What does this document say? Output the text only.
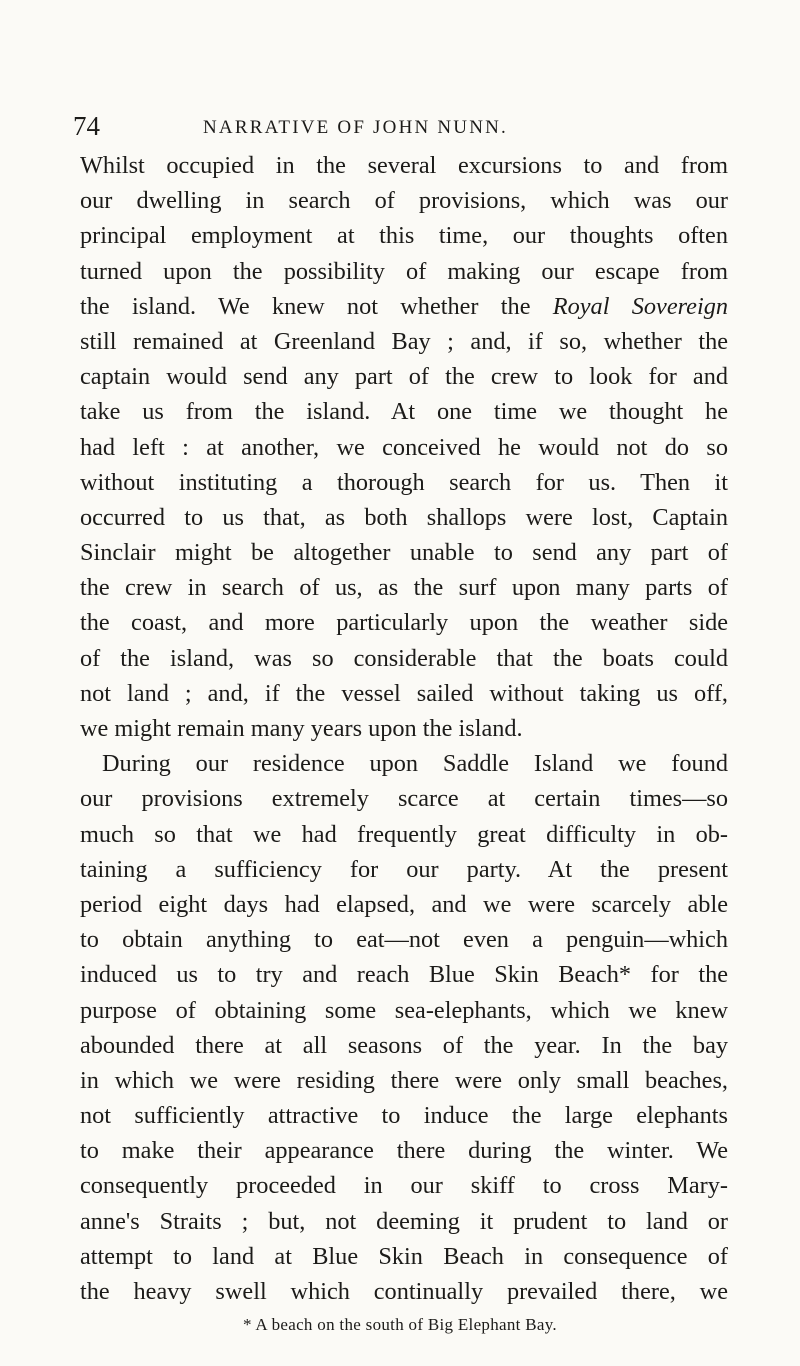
74	NARRATIVE OF JOHN NUNN.
Whilst occupied in the several excursions to and from
our dwelling in search of provisions, which was our
principal employment at this time, our thoughts often
turned upon the possibility of making our escape from
the island. We knew not whether the Royal Sovereign
still remained at Greenland Bay ; and, if so, whether the
captain would send any part of the crew to look for and
take us from the island. At one time we thought he
had left : at another, we conceived he would not do so
without instituting a thorough search for us. Then it
occurred to us that, as both shallops were lost, Captain
Sinclair might be altogether unable to send any part of
the crew in search of us, as the surf upon many parts of
the coast, and more particularly upon the weather side
of the island, was so considerable that the boats could
not land ; and, if the vessel sailed without taking us off,
we might remain many years upon the island.
During our residence upon Saddle Island we found
our provisions extremely scarce at certain times—so
much so that we had frequently great difficulty in ob-
taining a sufficiency for our party. At the present
period eight days had elapsed, and we were scarcely able
to obtain anything to eat—not even a penguin—which
induced us to try and reach Blue Skin Beach* for the
purpose of obtaining some sea-elephants, which we knew
abounded there at all seasons of the year. In the bay
in which we were residing there were only small beaches,
not sufficiently attractive to induce the large elephants
to make their appearance there during the winter. We
consequently proceeded in our skiff to cross Mary-
anne's Straits ; but, not deeming it prudent to land or
attempt to land at Blue Skin Beach in consequence of
the heavy swell which continually prevailed there, we
* A beach on the south of Big Elephant Bay.
